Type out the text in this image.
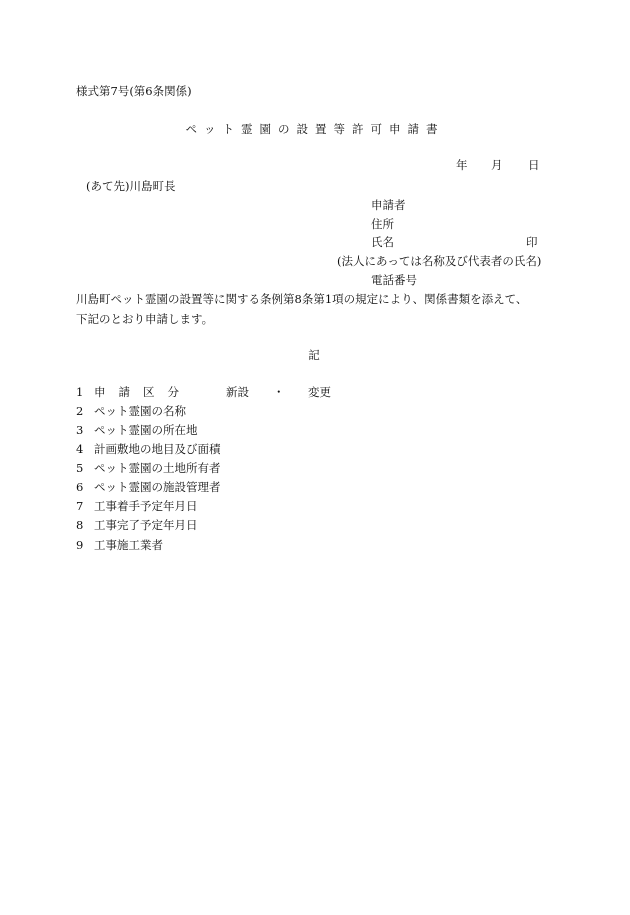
様式第7号(第6条関係)
ペット霊園の設置等許可申請書
年 月 日
(あて先)川島町長
申請者
住所
氏名	印
(法人にあっては名称及び代表者の氏名)
電話番号
川島町ペット霊園の設置等に関する条例第8条第1項の規定により、関係書類を添えて、
下記のとおり申請します。
記
1 申請区分	新設 ・ 変更
2 ペット霊園の名称
3 ペット霊園の所在地
4 計画敷地の地目及び面積
5 ペット霊園の土地所有者
6 ペット霊園の施設管理者
7 工事着手予定年月日
8 工事完了予定年月日
9 工事施工業者
